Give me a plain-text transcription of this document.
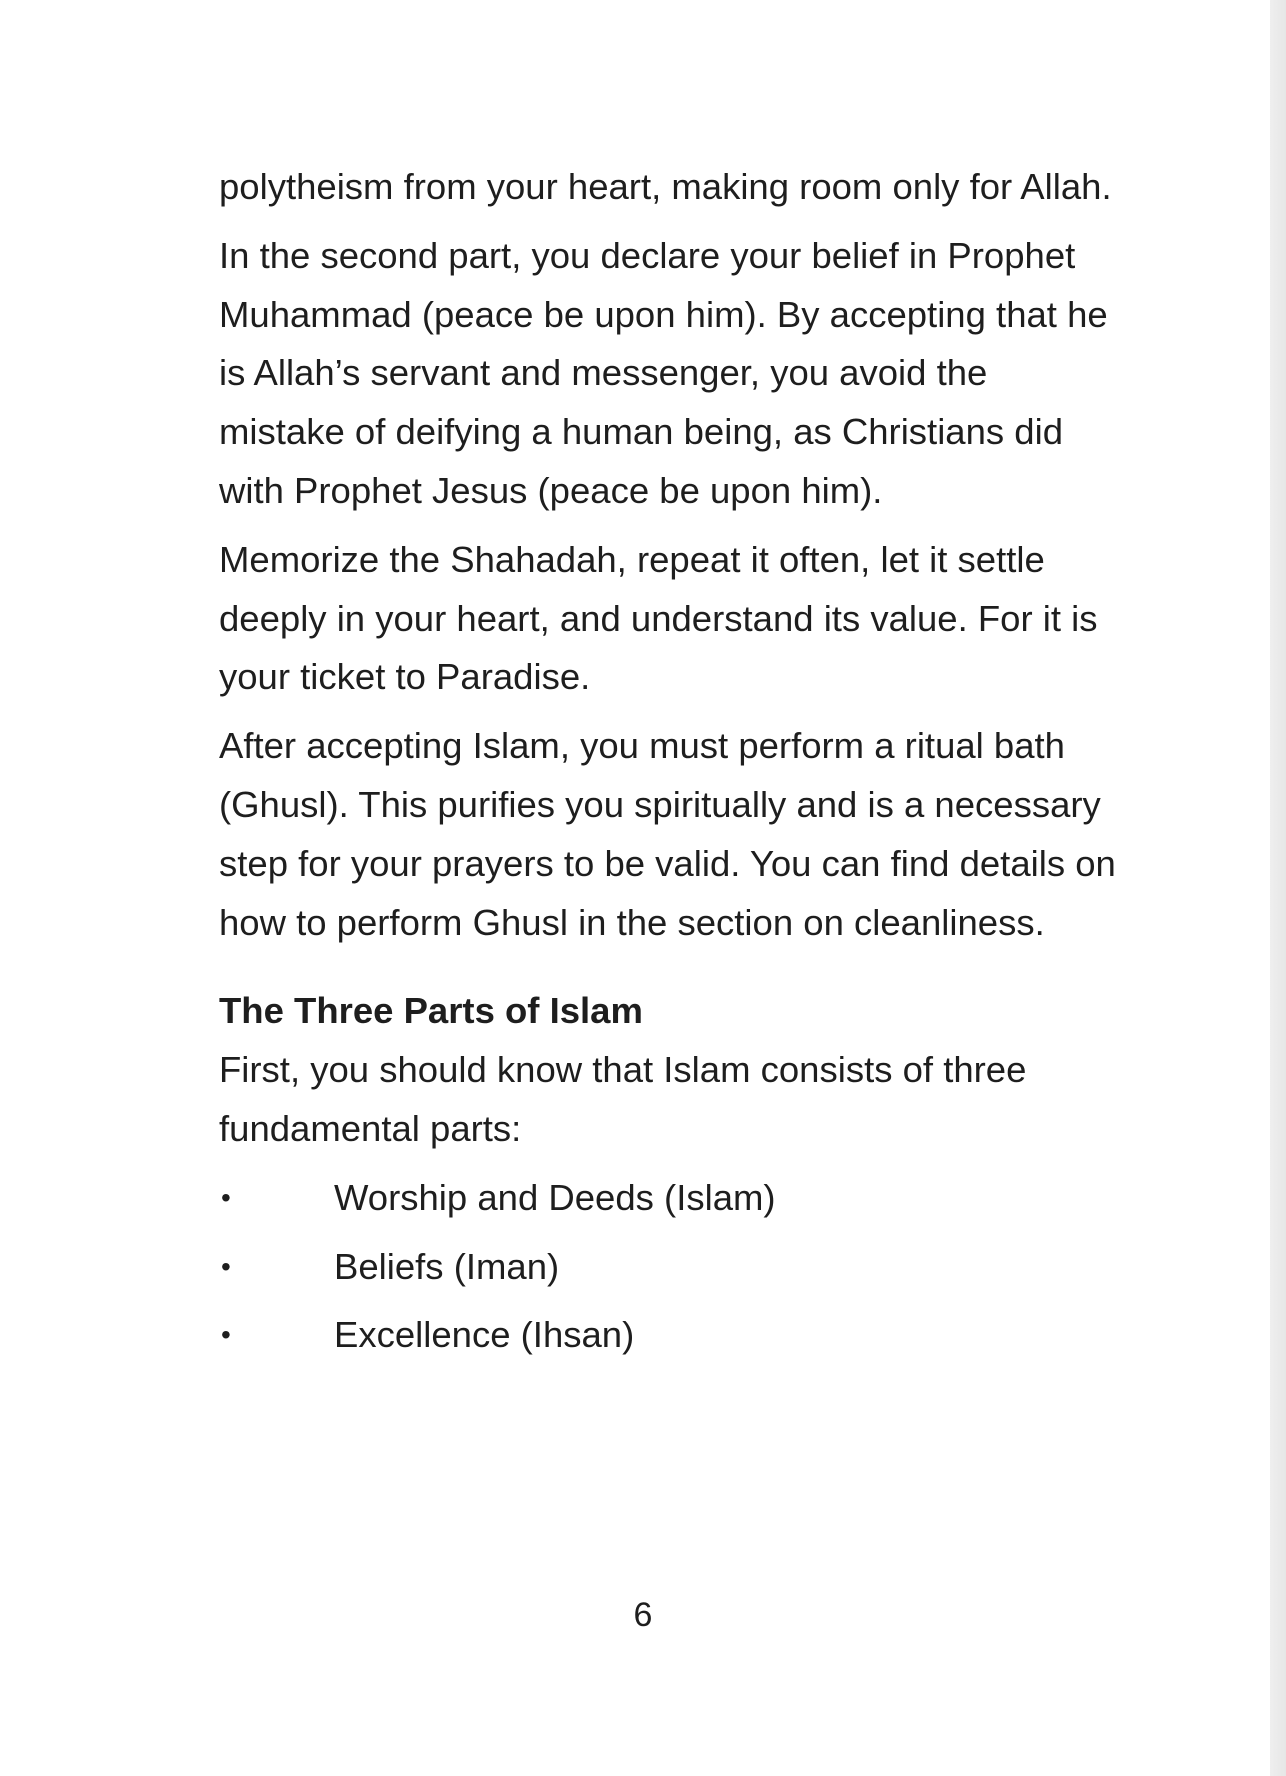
polytheism from your heart, making room only for Allah.

In the second part, you declare your belief in Prophet Muhammad (peace be upon him). By accepting that he is Allah’s servant and messenger, you avoid the mistake of deifying a human being, as Christians did with Prophet Jesus (peace be upon him).

Memorize the Shahadah, repeat it often, let it settle deeply in your heart, and understand its value. For it is your ticket to Paradise.

After accepting Islam, you must perform a ritual bath (Ghusl). This purifies you spiritually and is a necessary step for your prayers to be valid. You can find details on how to perform Ghusl in the section on cleanliness.

The Three Parts of Islam

First, you should know that Islam consists of three fundamental parts:

•	Worship and Deeds (Islam)
•	Beliefs (Iman)
•	Excellence (Ihsan)
6
